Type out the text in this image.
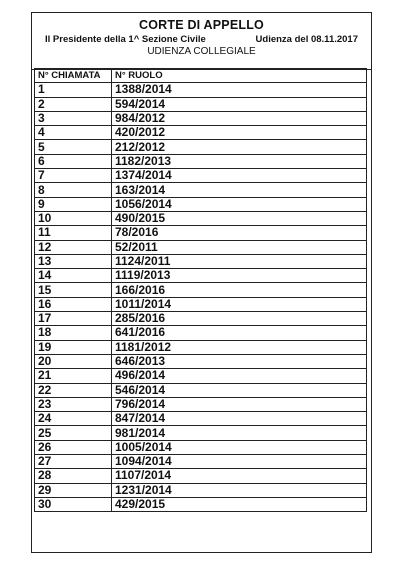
CORTE DI APPELLO
Il Presidente della 1^ Sezione Civile	Udienza del 08.11.2017
UDIENZA COLLEGIALE
N° CHIAMATA	N° RUOLO
1	1388/2014
2	594/2014
3	984/2012
4	420/2012
5	212/2012
6	1182/2013
7	1374/2014
8	163/2014
9	1056/2014
10	490/2015
11	78/2016
12	52/2011
13	1124/2011
14	1119/2013
15	166/2016
16	1011/2014
17	285/2016
18	641/2016
19	1181/2012
20	646/2013
21	496/2014
22	546/2014
23	796/2014
24	847/2014
25	981/2014
26	1005/2014
27	1094/2014
28	1107/2014
29	1231/2014
30	429/2015
